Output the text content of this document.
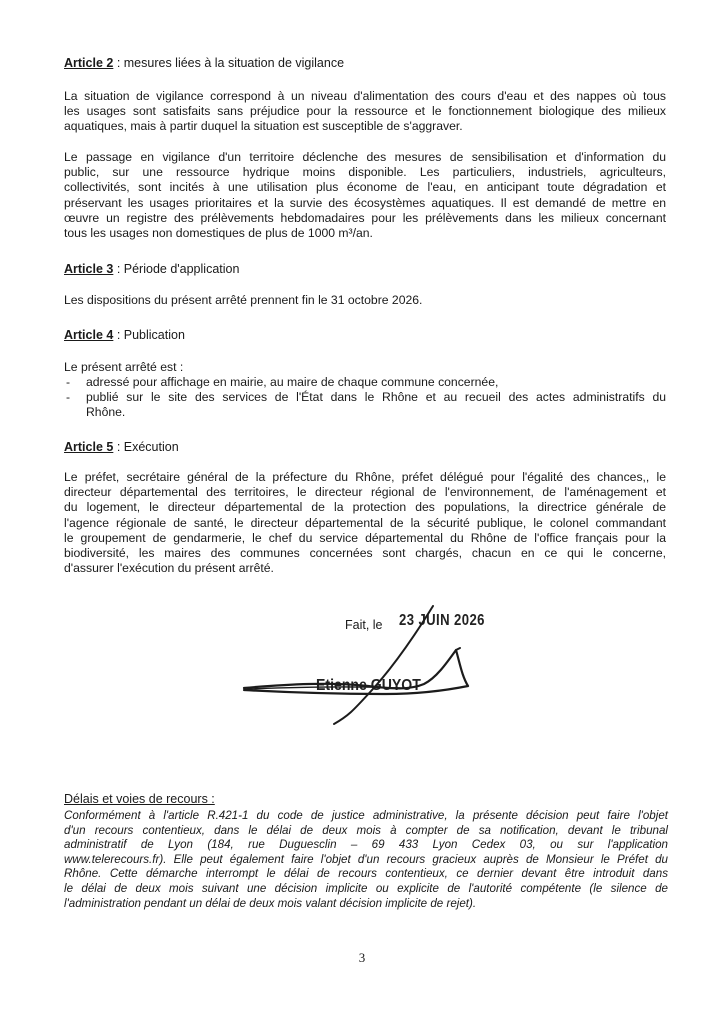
Article 2 : mesures liées à la situation de vigilance
La situation de vigilance correspond à un niveau d'alimentation des cours d'eau et des nappes où tous
les usages sont satisfaits sans préjudice pour la ressource et le fonctionnement biologique des milieux
aquatiques, mais à partir duquel la situation est susceptible de s'aggraver.
Le passage en vigilance d'un territoire déclenche des mesures de sensibilisation et d'information du
public, sur une ressource hydrique moins disponible. Les particuliers, industriels, agriculteurs,
collectivités, sont incités à une utilisation plus économe de l'eau, en anticipant toute dégradation et
préservant les usages prioritaires et la survie des écosystèmes aquatiques. Il est demandé de mettre en
œuvre un registre des prélèvements hebdomadaires pour les prélèvements dans les milieux concernant
tous les usages non domestiques de plus de 1000 m³/an.
Article 3 : Période d'application
Les dispositions du présent arrêté prennent fin le 31 octobre 2026.
Article 4 : Publication
Le présent arrêté est :
- adressé pour affichage en mairie, au maire de chaque commune concernée,
- publié sur le site des services de l'État dans le Rhône et au recueil des actes administratifs du
Rhône.
Article 5 : Exécution
Le préfet, secrétaire général de la préfecture du Rhône, préfet délégué pour l'égalité des chances,, le
directeur départemental des territoires, le directeur régional de l'environnement, de l'aménagement et
du logement, le directeur départemental de la protection des populations, la directrice générale de
l'agence régionale de santé, le directeur départemental de la sécurité publique, le colonel commandant
le groupement de gendarmerie, le chef du service départemental du Rhône de l'office français pour la
biodiversité, les maires des communes concernées sont chargés, chacun en ce qui le concerne,
d'assurer l'exécution du présent arrêté.
Fait, le 23 JUIN 2026
Etienne GUYOT
Délais et voies de recours :
Conformément à l'article R.421-1 du code de justice administrative, la présente décision peut faire l'objet
d'un recours contentieux, dans le délai de deux mois à compter de sa notification, devant le tribunal
administratif de Lyon (184, rue Duguesclin – 69 433 Lyon Cedex 03, ou sur l'application
www.telerecours.fr). Elle peut également faire l'objet d'un recours gracieux auprès de Monsieur le Préfet du
Rhône. Cette démarche interrompt le délai de recours contentieux, ce dernier devant être introduit dans
le délai de deux mois suivant une décision implicite ou explicite de l'autorité compétente (le silence de
l'administration pendant un délai de deux mois valant décision implicite de rejet).
3
